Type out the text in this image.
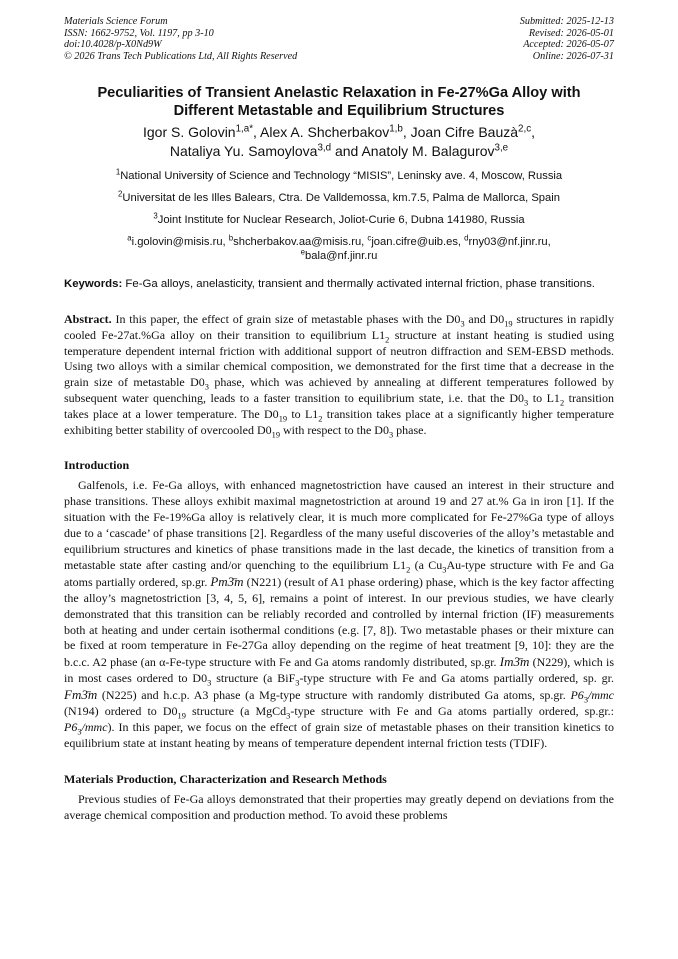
Materials Science Forum
ISSN: 1662-9752, Vol. 1197, pp 3-10
doi:10.4028/p-X0Nd9W
© 2026 Trans Tech Publications Ltd, All Rights Reserved
Submitted: 2025-12-13
Revised: 2026-05-01
Accepted: 2026-05-07
Online: 2026-07-31
Peculiarities of Transient Anelastic Relaxation in Fe-27%Ga Alloy with
Different Metastable and Equilibrium Structures
Igor S. Golovin$^{1,a*}$, Alex A. Shcherbakov$^{1,b}$, Joan Cifre Bauzà$^{2,c}$,
Nataliya Yu. Samoylova$^{3,d}$ and Anatoly M. Balagurov$^{3,e}$
$^1$National University of Science and Technology “MISIS”, Leninsky ave. 4, Moscow, Russia
$^2$Universitat de les Illes Balears, Ctra. De Valldemossa, km.7.5, Palma de Mallorca, Spain
$^3$Joint Institute for Nuclear Research, Joliot-Curie 6, Dubna 141980, Russia
$^a$i.golovin@misis.ru, $^b$shcherbakov.aa@misis.ru, $^c$joan.cifre@uib.es, $^d$rny03@nf.jinr.ru,
$^e$bala@nf.jinr.ru
Keywords: Fe-Ga alloys, anelasticity, transient and thermally activated internal friction, phase transitions.
Abstract. In this paper, the effect of grain size of metastable phases with the $D0_3$ and $D0_{19}$ structures in rapidly cooled Fe-27at.%Ga alloy on their transition to equilibrium $L1_2$ structure at instant heating is studied using temperature dependent internal friction with additional support of neutron diffraction and SEM-EBSD methods. Using two alloys with a similar chemical composition, we demonstrated for the first time that a decrease in the grain size of metastable $D0_3$ phase, which was achieved by annealing at different temperatures followed by subsequent water quenching, leads to a faster transition to equilibrium state, i.e. that the $D0_3$ to $L1_2$ transition takes place at a lower temperature. The $D0_{19}$ to $L1_2$ transition takes place at a significantly higher temperature exhibiting better stability of overcooled $D0_{19}$ with respect to the $D0_3$ phase.
Introduction
Galfenols, i.e. Fe-Ga alloys, with enhanced magnetostriction have caused an interest in their structure and phase transitions. These alloys exhibit maximal magnetostriction at around 19 and 27 at.% Ga in iron [1]. If the situation with the Fe-19%Ga alloy is relatively clear, it is much more complicated for Fe-27%Ga type of alloys due to a ‘cascade’ of phase transitions [2]. Regardless of the many useful discoveries of the alloy’s metastable and equilibrium structures and kinetics of phase transitions made in the last decade, the kinetics of transition from a metastable state after casting and/or quenching to the equilibrium $L1_2$ (a $Cu_3Au$-type structure with Fe and Ga atoms partially ordered, sp.gr. Pm3̄m (N221) (result of A1 phase ordering) phase, which is the key factor affecting the alloy’s magnetostriction [3, 4, 5, 6], remains a point of interest. In our previous studies, we have clearly demonstrated that this transition can be reliably recorded and controlled by internal friction (IF) measurements both at heating and under certain isothermal conditions (e.g. [7, 8]). Two metastable phases or their mixture can be fixed at room temperature in Fe-27Ga alloy depending on the regime of heat treatment [9, 10]: they are the b.c.c. A2 phase (an α-Fe-type structure with Fe and Ga atoms randomly distributed, sp.gr. Im3̄m (N229), which is in most cases ordered to $D0_3$ structure (a BiF$_3$-type structure with Fe and Ga atoms partially ordered, sp. gr. Fm3̄m (N225) and h.c.p. A3 phase (a Mg-type structure with randomly distributed Ga atoms, sp.gr. $P6_3$/mmc (N194) ordered to $D0_{19}$ structure (a MgCd$_3$-type structure with Fe and Ga atoms partially ordered, sp.gr.: $P6_3/mmc$). In this paper, we focus on the effect of grain size of metastable phases on their transition kinetics to equilibrium state at instant heating by means of temperature dependent internal friction tests (TDIF).
Materials Production, Characterization and Research Methods
Previous studies of Fe-Ga alloys demonstrated that their properties may greatly depend on deviations from the average chemical composition and production method. To avoid these problems
